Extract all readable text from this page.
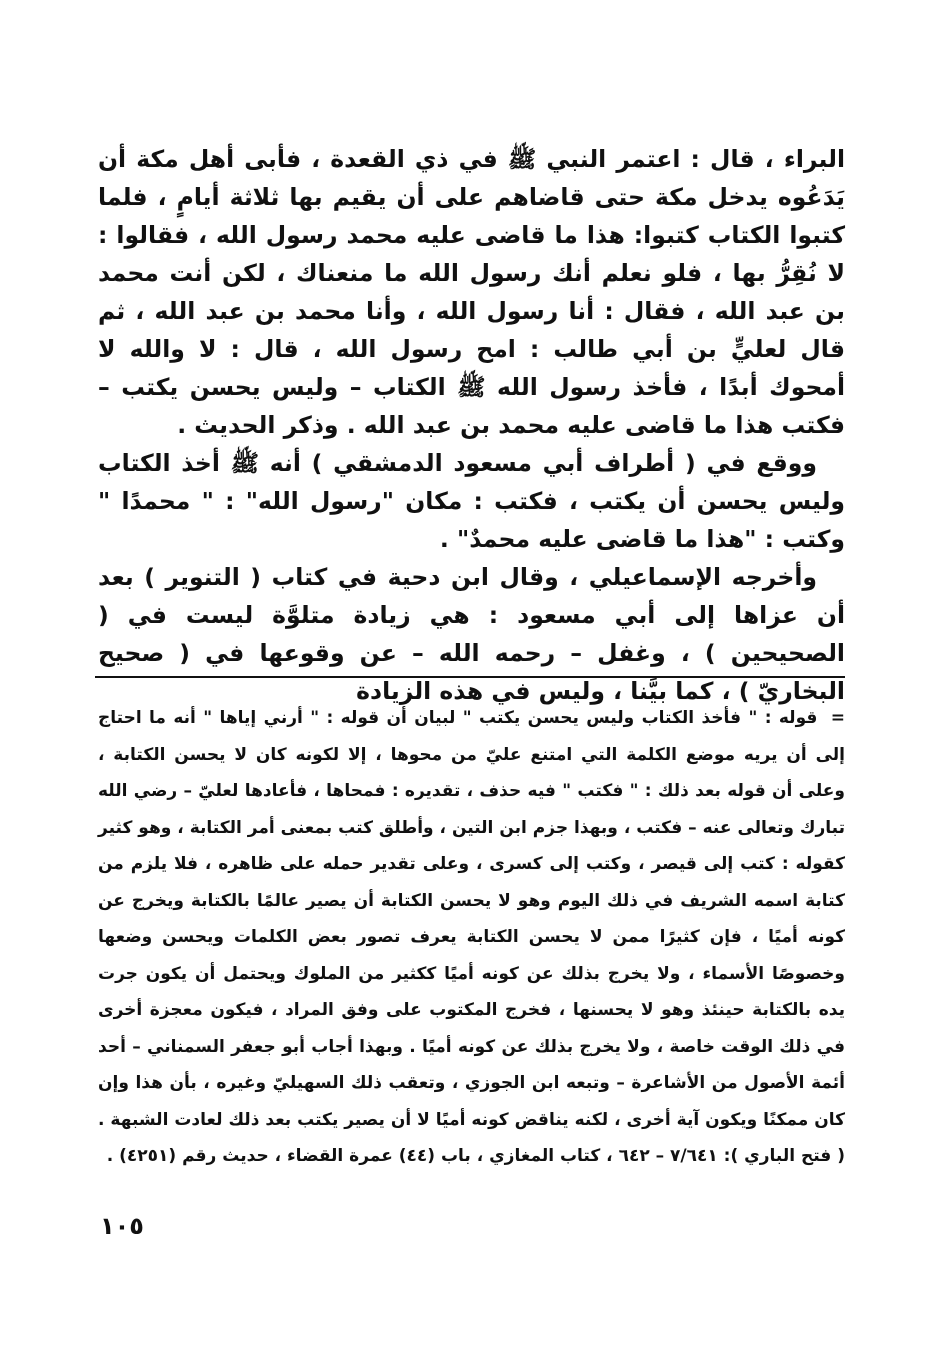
البراء ، قال : اعتمر النبي ﷺ في ذي القعدة ، فأبى أهل مكة أن يَدَعُوه يدخل مكة حتى قاضاهم على أن يقيم بها ثلاثة أيامٍ ، فلما كتبوا الكتاب كتبوا: هذا ما قاضى عليه محمد رسول الله ، فقالوا : لا نُقِرُّ بها ، فلو نعلم أنك رسول الله ما منعناك ، لكن أنت محمد بن عبد الله ، فقال : أنا رسول الله ، وأنا محمد بن عبد الله ، ثم قال لعليٍّ بن أبي طالب : امح رسول الله ، قال : لا والله لا أمحوك أبدًا ، فأخذ رسول الله ﷺ الكتاب – وليس يحسن يكتب – فكتب هذا ما قاضى عليه محمد بن عبد الله . وذكر الحديث .

ووقع في ( أطراف أبي مسعود الدمشقي ) أنه ﷺ أخذ الكتاب وليس يحسن أن يكتب ، فكتب : مكان "رسول الله" : " محمدًا " وكتب : "هذا ما قاضى عليه محمدٌ" .

وأخرجه الإسماعيلي ، وقال ابن دحية في كتاب ( التنوير ) بعد أن عزاها إلى أبي مسعود : هي زيادة متلوَّة ليست في ( الصحيحين ) ، وغفل – رحمه الله – عن وقوعها في ( صحيح البخاريّ ) ، كما بيَّنا ، وليس في هذه الزيادة

= قوله : " فأخذ الكتاب وليس يحسن يكتب " لبيان أن قوله : " أرني إياها " أنه ما احتاج إلى أن يريه موضع الكلمة التي امتنع عليّ من محوها ، إلا لكونه كان لا يحسن الكتابة ، وعلى أن قوله بعد ذلك : " فكتب " فيه حذف ، تقديره : فمحاها ، فأعادها لعليّ – رضي الله تبارك وتعالى عنه – فكتب ، وبهذا جزم ابن التين ، وأطلق كتب بمعنى أمر الكتابة ، وهو كثير كقوله : كتب إلى قيصر ، وكتب إلى كسرى ، وعلى تقدير حمله على ظاهره ، فلا يلزم من كتابة اسمه الشريف في ذلك اليوم وهو لا يحسن الكتابة أن يصير عالمًا بالكتابة ويخرج عن كونه أميًا ، فإن كثيرًا ممن لا يحسن الكتابة يعرف تصور بعض الكلمات ويحسن وضعها وخصوصًا الأسماء ، ولا يخرج بذلك عن كونه أميًا ككثير من الملوك ويحتمل أن يكون جرت يده بالكتابة حينئذ وهو لا يحسنها ، فخرج المكتوب على وفق المراد ، فيكون معجزة أخرى في ذلك الوقت خاصة ، ولا يخرج بذلك عن كونه أميًا . وبهذا أجاب أبو جعفر السمناني – أحد أئمة الأصول من الأشاعرة – وتبعه ابن الجوزي ، وتعقب ذلك السهيليّ وغيره ، بأن هذا وإن كان ممكنًا ويكون آية أخرى ، لكنه يناقض كونه أميًا لا أن يصير يكتب بعد ذلك لعادت الشبهة . ( فتح الباري ): ٧/٦٤١ – ٦٤٢ ، كتاب المغازي ، باب (٤٤) عمرة القضاء ، حديث رقم (٤٢٥١) .
١٠٥
